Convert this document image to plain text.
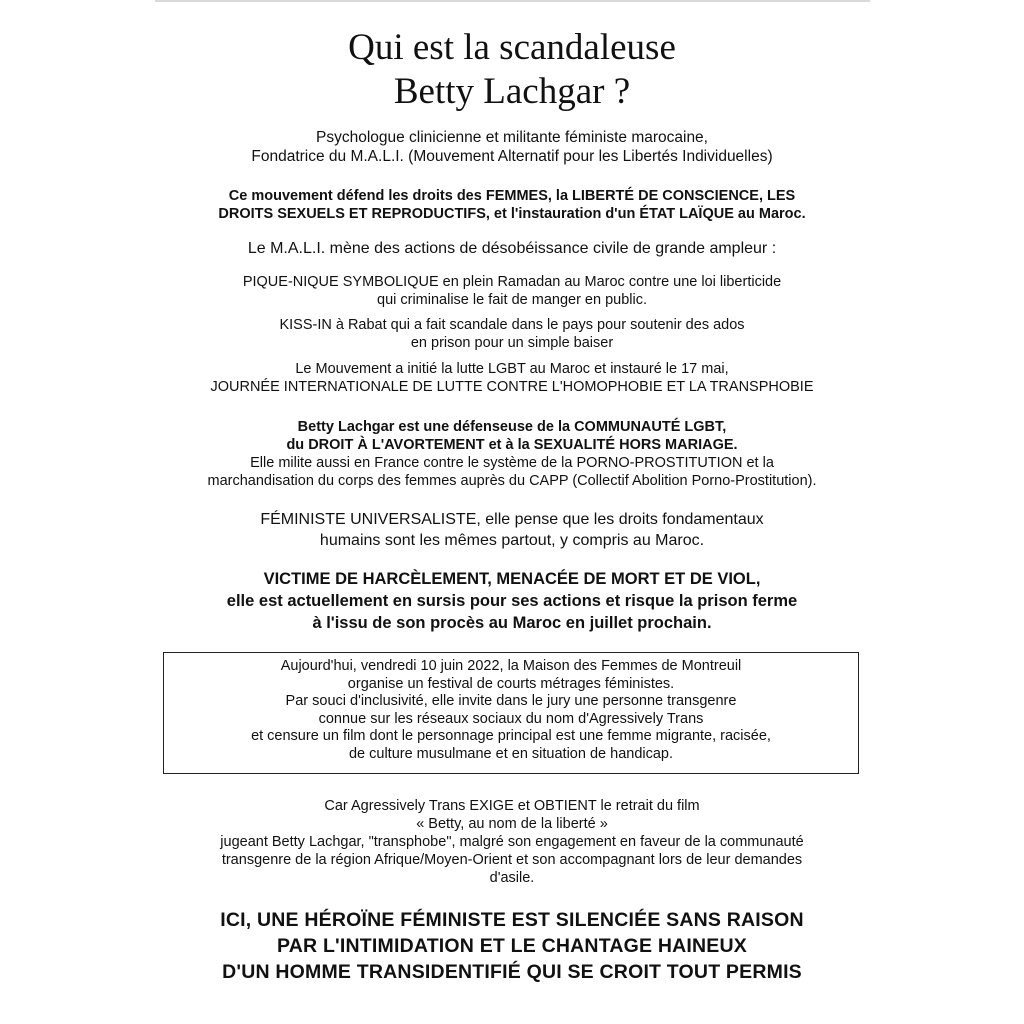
Qui est la scandaleuse
Betty Lachgar ?
Psychologue clinicienne et militante féministe marocaine,
Fondatrice du M.A.L.I. (Mouvement Alternatif pour les Libertés Individuelles)
Ce mouvement défend les droits des FEMMES, la LIBERTÉ DE CONSCIENCE, LES
DROITS SEXUELS ET REPRODUCTIFS, et l'instauration d'un ÉTAT LAÏQUE au Maroc.
Le M.A.L.I. mène des actions de désobéissance civile de grande ampleur :
PIQUE-NIQUE SYMBOLIQUE en plein Ramadan au Maroc contre une loi liberticide
qui criminalise le fait de manger en public.
KISS-IN à Rabat qui a fait scandale dans le pays pour soutenir des ados
en prison pour un simple baiser
Le Mouvement a initié la lutte LGBT au Maroc et instauré le 17 mai,
JOURNÉE INTERNATIONALE DE LUTTE CONTRE L'HOMOPHOBIE ET LA TRANSPHOBIE
Betty Lachgar est une défenseuse de la COMMUNAUTÉ LGBT,
du DROIT À L'AVORTEMENT et à la SEXUALITÉ HORS MARIAGE.
Elle milite aussi en France contre le système de la PORNO-PROSTITUTION et la
marchandisation du corps des femmes auprès du CAPP (Collectif Abolition Porno-Prostitution).
FÉMINISTE UNIVERSALISTE, elle pense que les droits fondamentaux
humains sont les mêmes partout, y compris au Maroc.
VICTIME DE HARCÈLEMENT, MENACÉE DE MORT ET DE VIOL,
elle est actuellement en sursis pour ses actions et risque la prison ferme
à l'issu de son procès au Maroc en juillet prochain.
Aujourd'hui, vendredi 10 juin 2022, la Maison des Femmes de Montreuil
organise un festival de courts métrages féministes.
Par souci d'inclusivité, elle invite dans le jury une personne transgenre
connue sur les réseaux sociaux du nom d'Agressively Trans
et censure un film dont le personnage principal est une femme migrante, racisée,
de culture musulmane et en situation de handicap.
Car Agressively Trans EXIGE et OBTIENT le retrait du film
« Betty, au nom de la liberté »
jugeant Betty Lachgar, "transphobe", malgré son engagement en faveur de la communauté
transgenre de la région Afrique/Moyen-Orient et son accompagnant lors de leur demandes
d'asile.
ICI, UNE HÉROÏNE FÉMINISTE EST SILENCIÉE SANS RAISON
PAR L'INTIMIDATION ET LE CHANTAGE HAINEUX
D'UN HOMME TRANSIDENTIFIÉ QUI SE CROIT TOUT PERMIS
